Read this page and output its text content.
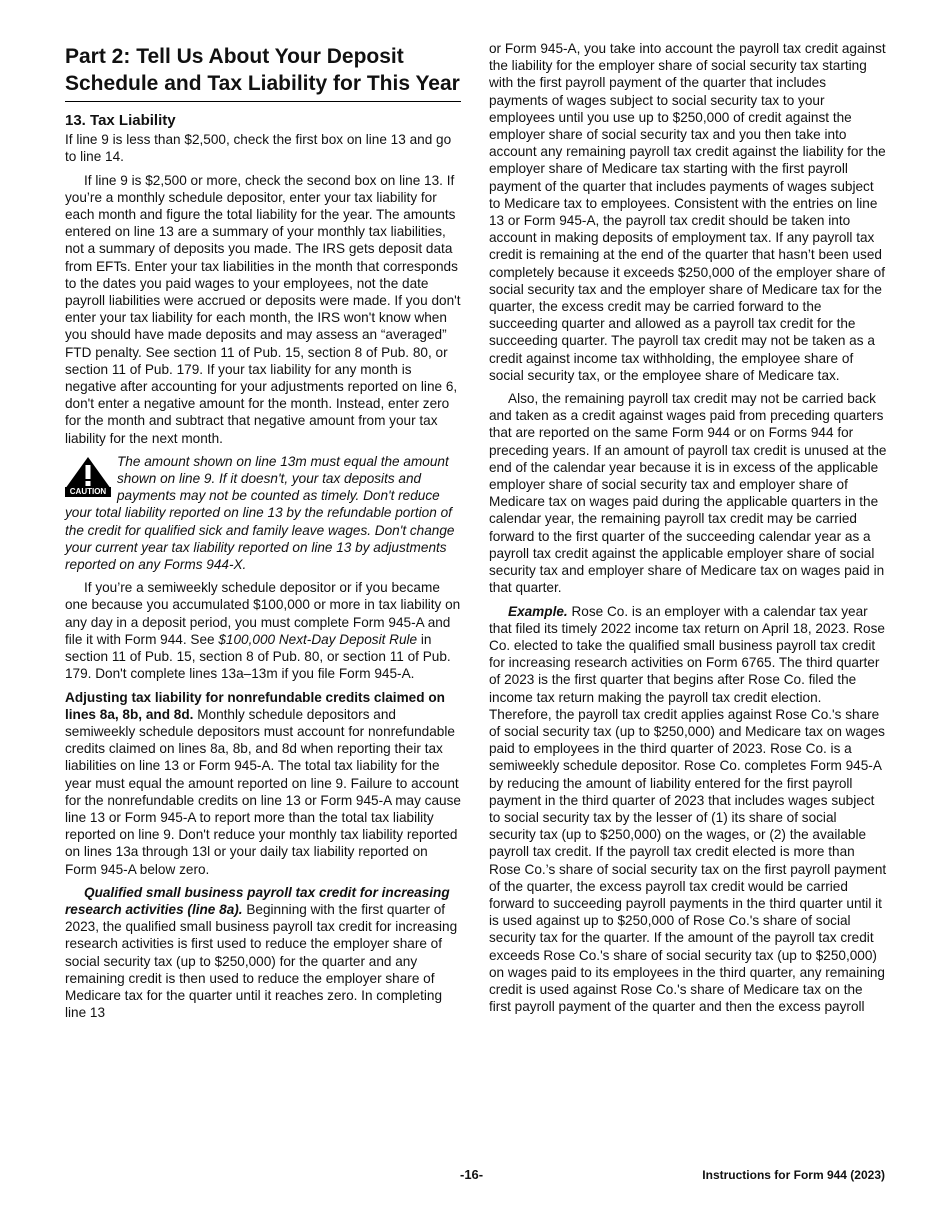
Part 2: Tell Us About Your Deposit Schedule and Tax Liability for This Year
13. Tax Liability

If line 9 is less than $2,500, check the first box on line 13 and go to line 14.

If line 9 is $2,500 or more, check the second box on line 13. If you’re a monthly schedule depositor, enter your tax liability for each month and figure the total liability for the year. The amounts entered on line 13 are a summary of your monthly tax liabilities, not a summary of deposits you made. The IRS gets deposit data from EFTs. Enter your tax liabilities in the month that corresponds to the dates you paid wages to your employees, not the date payroll liabilities were accrued or deposits were made. If you don't enter your tax liability for each month, the IRS won't know when you should have made deposits and may assess an “averaged” FTD penalty. See section 11 of Pub. 15, section 8 of Pub. 80, or section 11 of Pub. 179. If your tax liability for any month is negative after accounting for your adjustments reported on line 6, don't enter a negative amount for the month. Instead, enter zero for the month and subtract that negative amount from your tax liability for the next month.

CAUTION
The amount shown on line 13m must equal the amount shown on line 9. If it doesn't, your tax deposits and payments may not be counted as timely. Don't reduce your total liability reported on line 13 by the refundable portion of the credit for qualified sick and family leave wages. Don't change your current year tax liability reported on line 13 by adjustments reported on any Forms 944-X.

If you’re a semiweekly schedule depositor or if you became one because you accumulated $100,000 or more in tax liability on any day in a deposit period, you must complete Form 945-A and file it with Form 944. See $100,000 Next-Day Deposit Rule in section 11 of Pub. 15, section 8 of Pub. 80, or section 11 of Pub. 179. Don't complete lines 13a–13m if you file Form 945-A.

Adjusting tax liability for nonrefundable credits claimed on lines 8a, 8b, and 8d. Monthly schedule depositors and semiweekly schedule depositors must account for nonrefundable credits claimed on lines 8a, 8b, and 8d when reporting their tax liabilities on line 13 or Form 945-A. The total tax liability for the year must equal the amount reported on line 9. Failure to account for the nonrefundable credits on line 13 or Form 945-A may cause line 13 or Form 945-A to report more than the total tax liability reported on line 9. Don't reduce your monthly tax liability reported on lines 13a through 13l or your daily tax liability reported on Form 945-A below zero.

Qualified small business payroll tax credit for increasing research activities (line 8a). Beginning with the first quarter of 2023, the qualified small business payroll tax credit for increasing research activities is first used to reduce the employer share of social security tax (up to $250,000) for the quarter and any remaining credit is then used to reduce the employer share of Medicare tax for the quarter until it reaches zero. In completing line 13

or Form 945-A, you take into account the payroll tax credit against the liability for the employer share of social security tax starting with the first payroll payment of the quarter that includes payments of wages subject to social security tax to your employees until you use up to $250,000 of credit against the employer share of social security tax and you then take into account any remaining payroll tax credit against the liability for the employer share of Medicare tax starting with the first payroll payment of the quarter that includes payments of wages subject to Medicare tax to employees. Consistent with the entries on line 13 or Form 945-A, the payroll tax credit should be taken into account in making deposits of employment tax. If any payroll tax credit is remaining at the end of the quarter that hasn’t been used completely because it exceeds $250,000 of the employer share of social security tax and the employer share of Medicare tax for the quarter, the excess credit may be carried forward to the succeeding quarter and allowed as a payroll tax credit for the succeeding quarter. The payroll tax credit may not be taken as a credit against income tax withholding, the employee share of social security tax, or the employee share of Medicare tax.

Also, the remaining payroll tax credit may not be carried back and taken as a credit against wages paid from preceding quarters that are reported on the same Form 944 or on Forms 944 for preceding years. If an amount of payroll tax credit is unused at the end of the calendar year because it is in excess of the applicable employer share of social security tax and employer share of Medicare tax on wages paid during the applicable quarters in the calendar year, the remaining payroll tax credit may be carried forward to the first quarter of the succeeding calendar year as a payroll tax credit against the applicable employer share of social security tax and employer share of Medicare tax on wages paid in that quarter.

Example. Rose Co. is an employer with a calendar tax year that filed its timely 2022 income tax return on April 18, 2023. Rose Co. elected to take the qualified small business payroll tax credit for increasing research activities on Form 6765. The third quarter of 2023 is the first quarter that begins after Rose Co. filed the income tax return making the payroll tax credit election. Therefore, the payroll tax credit applies against Rose Co.'s share of social security tax (up to $250,000) and Medicare tax on wages paid to employees in the third quarter of 2023. Rose Co. is a semiweekly schedule depositor. Rose Co. completes Form 945-A by reducing the amount of liability entered for the first payroll payment in the third quarter of 2023 that includes wages subject to social security tax by the lesser of (1) its share of social security tax (up to $250,000) on the wages, or (2) the available payroll tax credit. If the payroll tax credit elected is more than Rose Co.’s share of social security tax on the first payroll payment of the quarter, the excess payroll tax credit would be carried forward to succeeding payroll payments in the third quarter until it is used against up to $250,000 of Rose Co.'s share of social security tax for the quarter. If the amount of the payroll tax credit exceeds Rose Co.'s share of social security tax (up to $250,000) on wages paid to its employees in the third quarter, any remaining credit is used against Rose Co.'s share of Medicare tax on the first payroll payment of the quarter and then the excess payroll

-16-	Instructions for Form 944 (2023)
